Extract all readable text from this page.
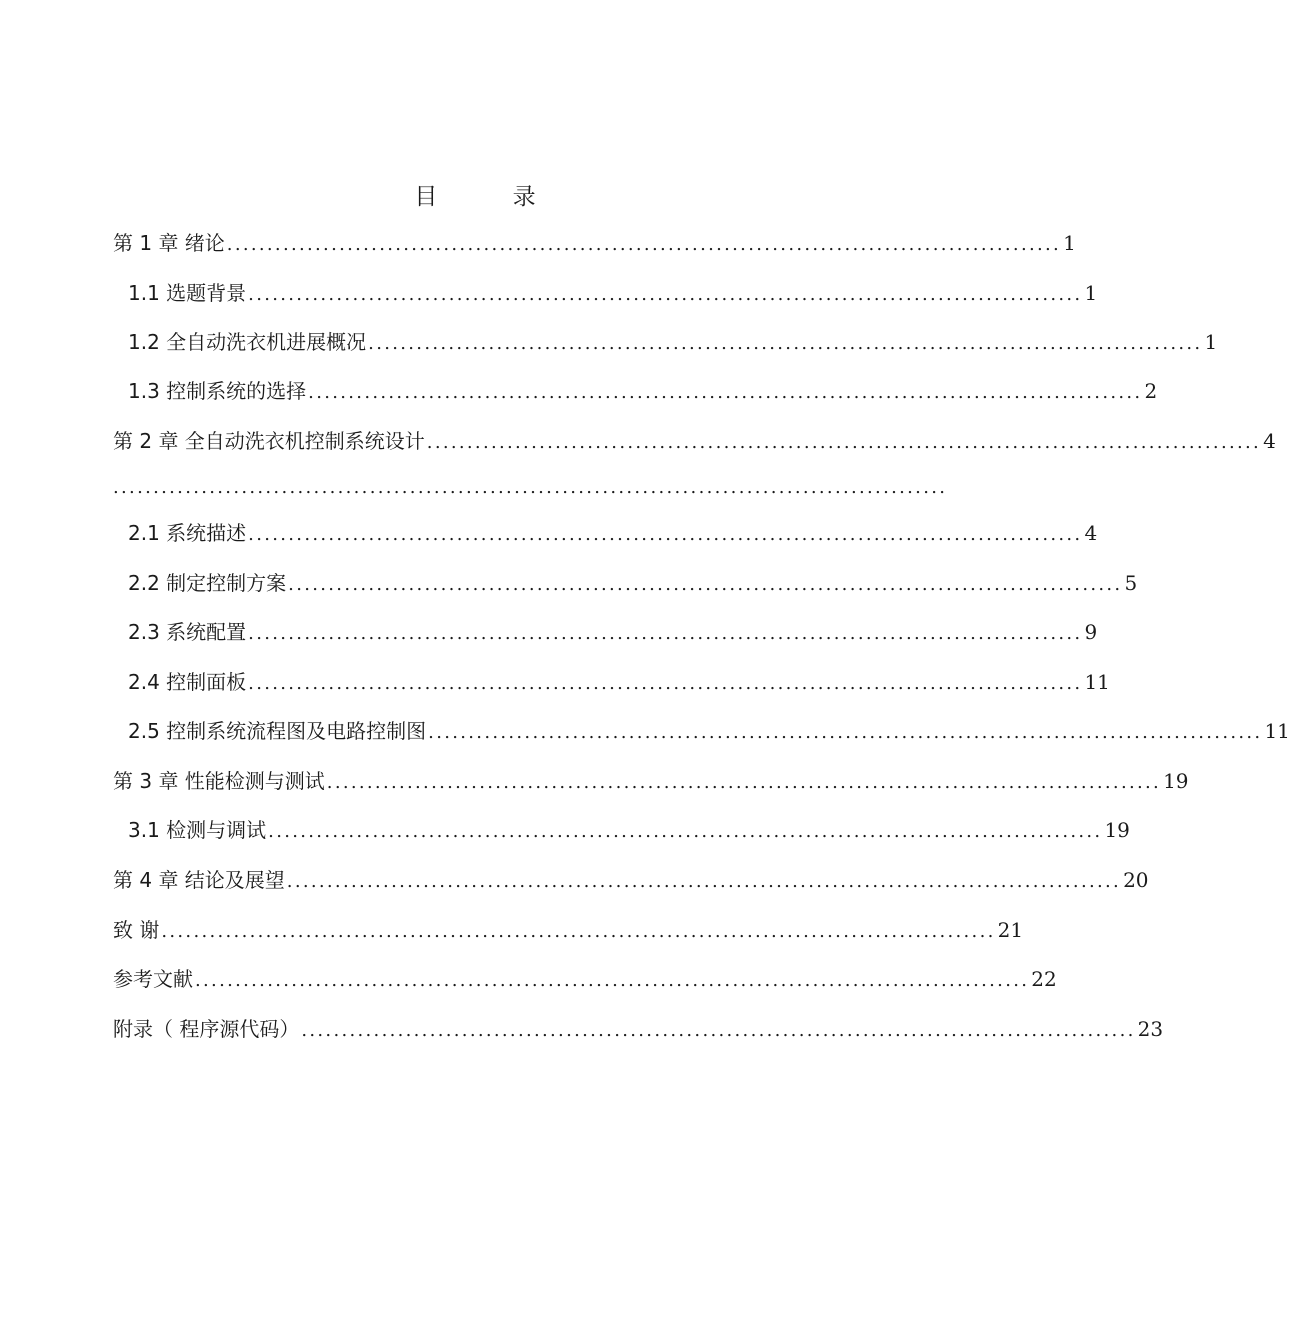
目 录
第 1 章 绪论 ........................................................................................................ 1
1.1 选题背景 ........................................................................................................ 1
1.2 全自动洗衣机进展概况 ........................................................................................................ 1
1.3 控制系统的选择 ........................................................................................................ 2
第 2 章 全自动洗衣机控制系统设计 ........................................................................................................ 4
........................................................................................................
2.1 系统描述 ........................................................................................................ 4
2.2 制定控制方案 ........................................................................................................ 5
2.3 系统配置 ........................................................................................................ 9
2.4 控制面板 ........................................................................................................ 11
2.5 控制系统流程图及电路控制图 ........................................................................................................ 11
第 3 章 性能检测与测试 ........................................................................................................ 19
3.1 检测与调试 ........................................................................................................ 19
第 4 章 结论及展望 ........................................................................................................ 20
致 谢 ........................................................................................................ 21
参考文献 ........................................................................................................ 22
附录（ 程序源代码） ........................................................................................................ 23
